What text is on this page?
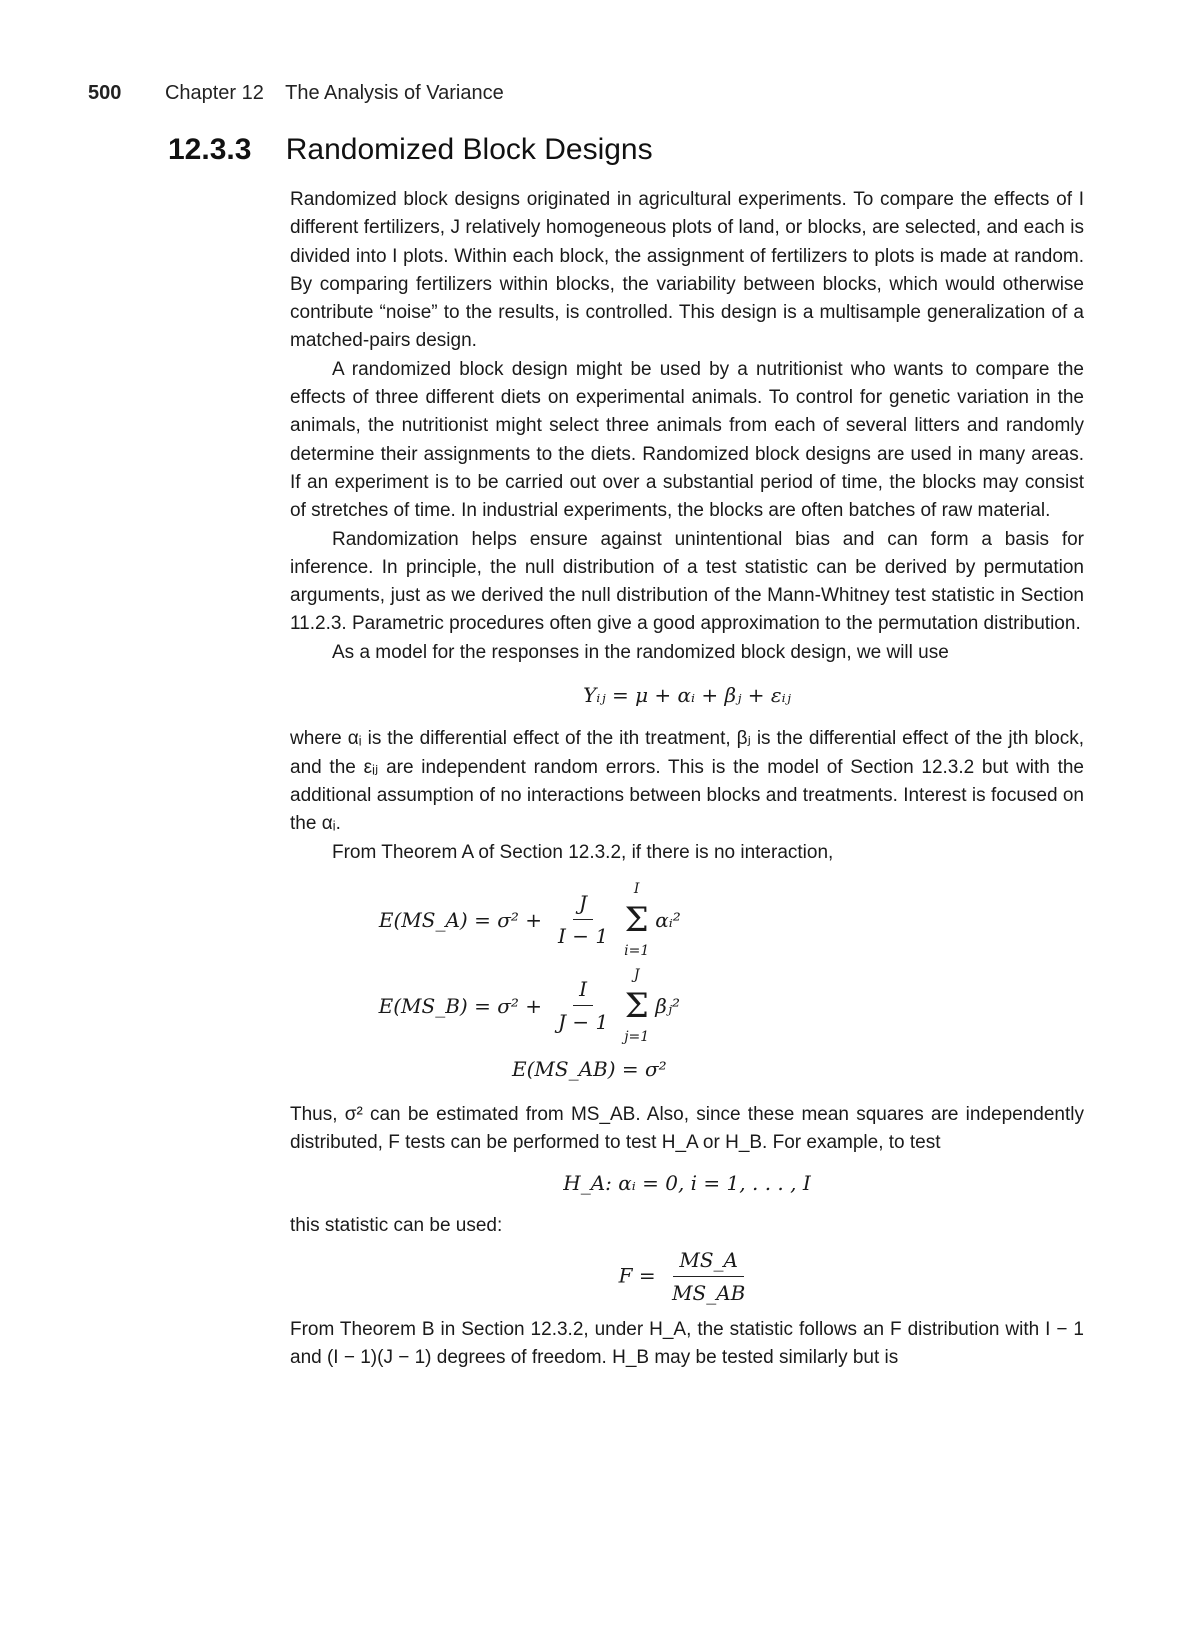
500 Chapter 12 The Analysis of Variance
12.3.3 Randomized Block Designs

Randomized block designs originated in agricultural experiments. To compare the effects of I different fertilizers, J relatively homogeneous plots of land, or blocks, are selected, and each is divided into I plots. Within each block, the assignment of fertilizers to plots is made at random. By comparing fertilizers within blocks, the variability between blocks, which would otherwise contribute “noise” to the results, is controlled. This design is a multisample generalization of a matched-pairs design.

A randomized block design might be used by a nutritionist who wants to compare the effects of three different diets on experimental animals. To control for genetic variation in the animals, the nutritionist might select three animals from each of several litters and randomly determine their assignments to the diets. Randomized block designs are used in many areas. If an experiment is to be carried out over a substantial period of time, the blocks may consist of stretches of time. In industrial experiments, the blocks are often batches of raw material.

Randomization helps ensure against unintentional bias and can form a basis for inference. In principle, the null distribution of a test statistic can be derived by permutation arguments, just as we derived the null distribution of the Mann-Whitney test statistic in Section 11.2.3. Parametric procedures often give a good approximation to the permutation distribution.

As a model for the responses in the randomized block design, we will use

Yᵢⱼ = μ + αᵢ + βⱼ + εᵢⱼ

where αᵢ is the differential effect of the ith treatment, βⱼ is the differential effect of the jth block, and the εᵢⱼ are independent random errors. This is the model of Section 12.3.2 but with the additional assumption of no interactions between blocks and treatments. Interest is focused on the αᵢ.

From Theorem A of Section 12.3.2, if there is no interaction,

E(MS_A) = $\sigma^2 + \frac{J}{I - 1}$
I
Σ
i=1
αᵢ²
E(MS_B) = $\sigma^2 + \frac{I}{J - 1}$
J
Σ
j=1
βⱼ²
E(MS_AB) = σ²

Thus, σ² can be estimated from MS_AB. Also, since these mean squares are independently distributed, F tests can be performed to test H_A or H_B. For example, to test

H_A: αᵢ = 0, i = 1, . . . , I

this statistic can be used:

$F = \frac{MS\_A}{MS\_AB}$

From Theorem B in Section 12.3.2, under H_A, the statistic follows an F distribution with I − 1 and (I − 1)(J − 1) degrees of freedom. H_B may be tested similarly but is
